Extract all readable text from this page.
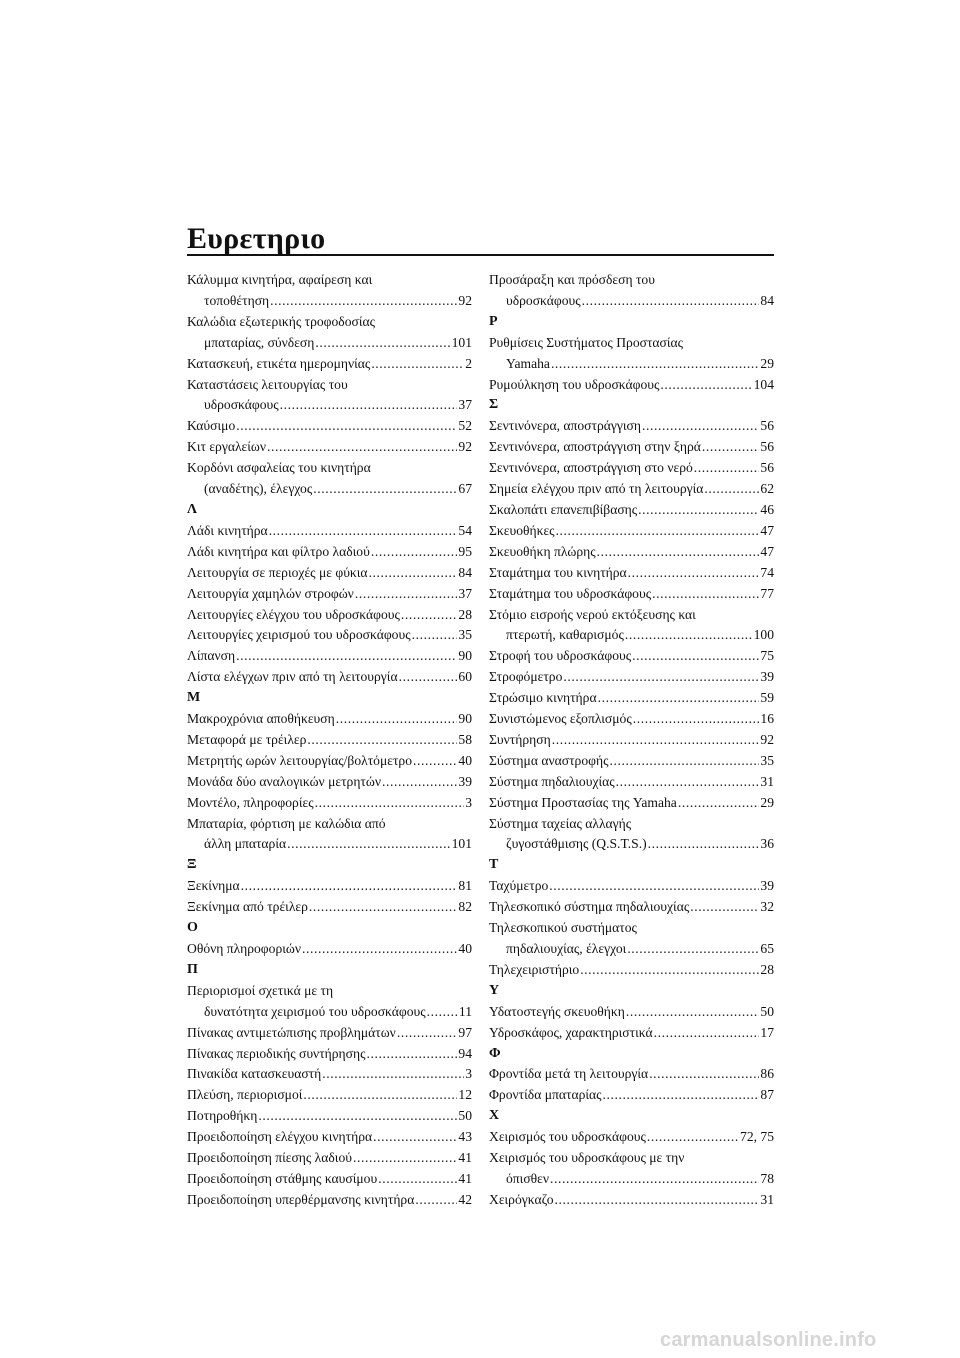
Ευρετηριο
Κάλυμμα κινητήρα, αφαίρεση και
τοποθέτηση .....	92
Καλώδια εξωτερικής τροφοδοσίας
μπαταρίας, σύνδεση .....	101
Κατασκευή, ετικέτα ημερομηνίας .....	2
Καταστάσεις λειτουργίας του
υδροσκάφους .....	37
Καύσιμο .....	52
Κιτ εργαλείων .....	92
Κορδόνι ασφαλείας του κινητήρα
(αναδέτης), έλεγχος .....	67
Λ
Λάδι κινητήρα .....	54
Λάδι κινητήρα και φίλτρο λαδιού .....	95
Λειτουργία σε περιοχές με φύκια .....	84
Λειτουργία χαμηλών στροφών .....	37
Λειτουργίες ελέγχου του υδροσκάφους .....	28
Λειτουργίες χειρισμού του υδροσκάφους .....	35
Λίπανση .....	90
Λίστα ελέγχων πριν από τη λειτουργία .....	60
Μ
Μακροχρόνια αποθήκευση .....	90
Μεταφορά με τρέιλερ .....	58
Μετρητής ωρών λειτουργίας/βολτόμετρο .....	40
Μονάδα δύο αναλογικών μετρητών .....	39
Μοντέλο, πληροφορίες .....	3
Μπαταρία, φόρτιση με καλώδια από
άλλη μπαταρία .....	101
Ξ
Ξεκίνημα .....	81
Ξεκίνημα από τρέιλερ .....	82
Ο
Οθόνη πληροφοριών .....	40
Π
Περιορισμοί σχετικά με τη
δυνατότητα χειρισμού του υδροσκάφους ..... 11
Πίνακας αντιμετώπισης προβλημάτων .....	97
Πίνακας περιοδικής συντήρησης .....	94
Πινακίδα κατασκευαστή .....	3
Πλεύση, περιορισμοί .....	12
Ποτηροθήκη .....	50
Προειδοποίηση ελέγχου κινητήρα .....	43
Προειδοποίηση πίεσης λαδιού .....	41
Προειδοποίηση στάθμης καυσίμου .....	41
Προειδοποίηση υπερθέρμανσης κινητήρα .....	42
Προσάραξη και πρόσδεση του
υδροσκάφους .....	84
Ρ
Ρυθμίσεις Συστήματος Προστασίας
Yamaha .....	29
Ρυμούλκηση του υδροσκάφους .....	104
Σ
Σεντινόνερα, αποστράγγιση .....	56
Σεντινόνερα, αποστράγγιση στην ξηρά .....	56
Σεντινόνερα, αποστράγγιση στο νερό .....	56
Σημεία ελέγχου πριν από τη λειτουργία .....	62
Σκαλοπάτι επανεπιβίβασης .....	46
Σκευοθήκες .....	47
Σκευοθήκη πλώρης .....	47
Σταμάτημα του κινητήρα .....	74
Σταμάτημα του υδροσκάφους .....	77
Στόμιο εισροής νερού εκτόξευσης και
πτερωτή, καθαρισμός .....	100
Στροφή του υδροσκάφους .....	75
Στροφόμετρο .....	39
Στρώσιμο κινητήρα .....	59
Συνιστώμενος εξοπλισμός .....	16
Συντήρηση .....	92
Σύστημα αναστροφής .....	35
Σύστημα πηδαλιουχίας .....	31
Σύστημα Προστασίας της Yamaha .....	29
Σύστημα ταχείας αλλαγής
ζυγοστάθμισης (Q.S.T.S.) .....	36
Τ
Ταχύμετρο .....	39
Τηλεσκοπικό σύστημα πηδαλιουχίας .....	32
Τηλεσκοπικού συστήματος
πηδαλιουχίας, έλεγχοι .....	65
Τηλεχειριστήριο .....	28
Υ
Υδατοστεγής σκευοθήκη .....	50
Υδροσκάφος, χαρακτηριστικά .....	17
Φ
Φροντίδα μετά τη λειτουργία .....	86
Φροντίδα μπαταρίας .....	87
Χ
Χειρισμός του υδροσκάφους .....	72, 75
Χειρισμός του υδροσκάφους με την
όπισθεν .....	78
Χειρόγκαζο .....	31
carmanualsonline.info
